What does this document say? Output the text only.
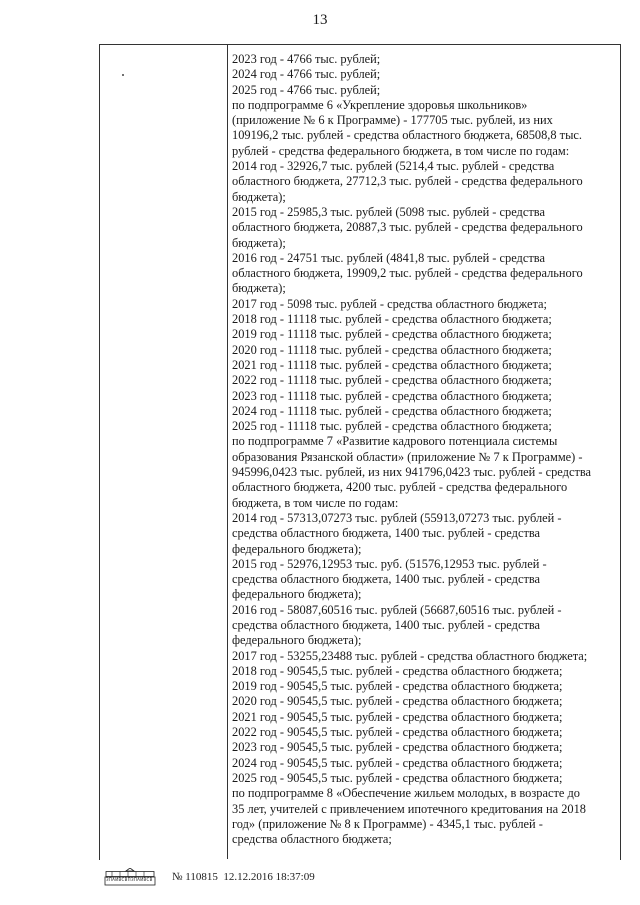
13
2023 год - 4766 тыс. рублей;
2024 год - 4766 тыс. рублей;
2025 год - 4766 тыс. рублей;
по подпрограмме 6 «Укрепление здоровья школьников»
(приложение № 6 к Программе) - 177705 тыс. рублей, из них
109196,2 тыс. рублей - средства областного бюджета, 68508,8 тыс.
рублей - средства федерального бюджета, в том числе по годам:
2014 год - 32926,7 тыс. рублей (5214,4 тыс. рублей - средства
областного бюджета, 27712,3 тыс. рублей - средства федерального
бюджета);
2015 год - 25985,3 тыс. рублей (5098 тыс. рублей - средства
областного бюджета, 20887,3 тыс. рублей - средства федерального
бюджета);
2016 год - 24751 тыс. рублей (4841,8 тыс. рублей - средства
областного бюджета, 19909,2 тыс. рублей - средства федерального
бюджета);
2017 год - 5098 тыс. рублей - средства областного бюджета;
2018 год - 11118 тыс. рублей - средства областного бюджета;
2019 год - 11118 тыс. рублей - средства областного бюджета;
2020 год - 11118 тыс. рублей - средства областного бюджета;
2021 год - 11118 тыс. рублей - средства областного бюджета;
2022 год - 11118 тыс. рублей - средства областного бюджета;
2023 год - 11118 тыс. рублей - средства областного бюджета;
2024 год - 11118 тыс. рублей - средства областного бюджета;
2025 год - 11118 тыс. рублей - средства областного бюджета;
по подпрограмме 7 «Развитие кадрового потенциала системы
образования Рязанской области» (приложение № 7 к Программе) -
945996,0423 тыс. рублей, из них 941796,0423 тыс. рублей - средства
областного бюджета, 4200 тыс. рублей - средства федерального
бюджета, в том числе по годам:
2014 год - 57313,07273 тыс. рублей (55913,07273 тыс. рублей -
средства областного бюджета, 1400 тыс. рублей - средства
федерального бюджета);
2015 год - 52976,12953 тыс. руб. (51576,12953 тыс. рублей -
средства областного бюджета, 1400 тыс. рублей - средства
федерального бюджета);
2016 год - 58087,60516 тыс. рублей (56687,60516 тыс. рублей -
средства областного бюджета, 1400 тыс. рублей - средства
федерального бюджета);
2017 год - 53255,23488 тыс. рублей - средства областного бюджета;
2018 год - 90545,5 тыс. рублей - средства областного бюджета;
2019 год - 90545,5 тыс. рублей - средства областного бюджета;
2020 год - 90545,5 тыс. рублей - средства областного бюджета;
2021 год - 90545,5 тыс. рублей - средства областного бюджета;
2022 год - 90545,5 тыс. рублей - средства областного бюджета;
2023 год - 90545,5 тыс. рублей - средства областного бюджета;
2024 год - 90545,5 тыс. рублей - средства областного бюджета;
2025 год - 90545,5 тыс. рублей - средства областного бюджета;
по подпрограмме 8 «Обеспечение жильем молодых, в возрасте до
35 лет, учителей с привлечением ипотечного кредитования на 2018
год» (приложение № 8 к Программе) - 4345,1 тыс. рублей -
средства областного бюджета;
ЗПАИВСВПЗПАИВСВ № 110815 12.12.2016 18:37:09
